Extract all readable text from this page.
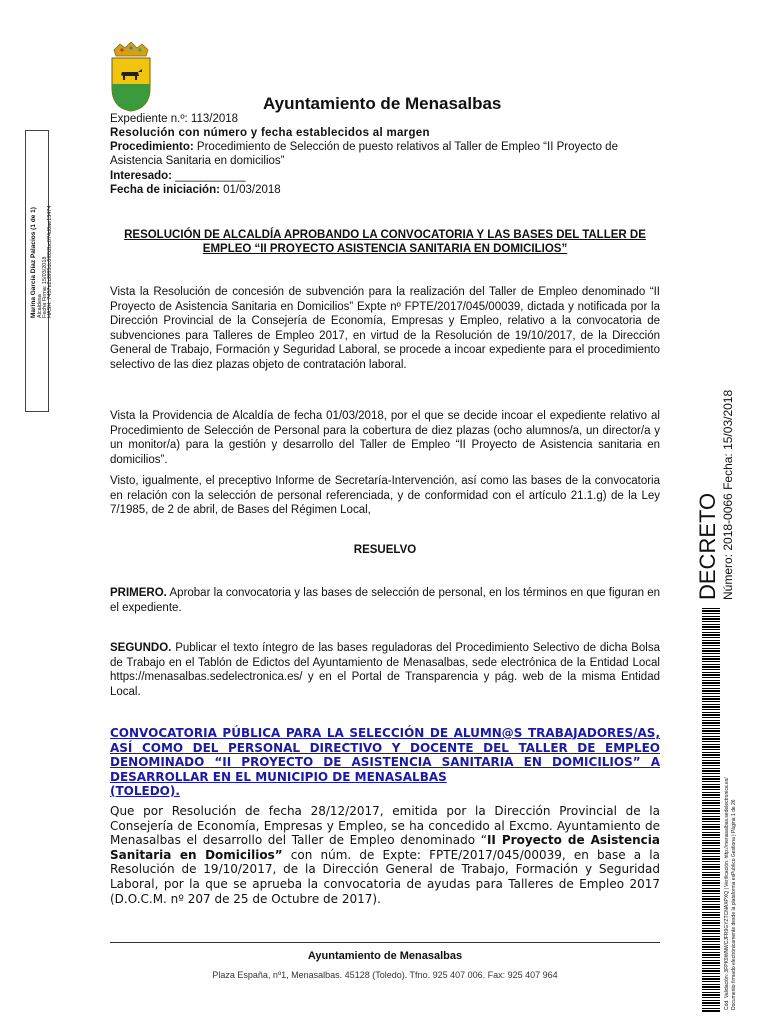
Ayuntamiento de Menasalbas
Expediente n.º: 113/2018
Resolución con número y fecha establecidos al margen
Procedimiento: Procedimiento de Selección de puesto relativos al Taller de Empleo “II Proyecto de Asistencia Sanitaria en domicilios”
Interesado: ___________
Fecha de iniciación: 01/03/2018
RESOLUCIÓN DE ALCALDÍA APROBANDO LA CONVOCATORIA Y LAS BASES DEL TALLER DE EMPLEO “II PROYECTO ASISTENCIA SANITARIA EN DOMICILIOS”
Vista la Resolución de concesión de subvención para la realización del Taller de Empleo denominado “II Proyecto de Asistencia Sanitaria en Domicilios” Expte nº FPTE/2017/045/00039, dictada y notificada por la Dirección Provincial de la Consejería de Economía, Empresas y Empleo, relativo a la convocatoria de subvenciones para Talleres de Empleo 2017, en virtud de la Resolución de 19/10/2017, de la Dirección General de Trabajo, Formación y Seguridad Laboral, se procede a incoar expediente para el procedimiento selectivo de las diez plazas objeto de contratación laboral.
Vista la Providencia de Alcaldía de fecha 01/03/2018, por el que se decide incoar el expediente relativo al Procedimiento de Selección de Personal para la cobertura de diez plazas (ocho alumnos/a, un director/a y un monitor/a) para la gestión y desarrollo del Taller de Empleo “II Proyecto de Asistencia sanitaria en domicilios”.
Visto, igualmente, el preceptivo Informe de Secretaría-Intervención, así como las bases de la convocatoria en relación con la selección de personal referenciada, y de conformidad con el artículo 21.1.g) de la Ley 7/1985, de 2 de abril, de Bases del Régimen Local,
RESUELVO
PRIMERO. Aprobar la convocatoria y las bases de selección de personal, en los términos en que figuran en el expediente.
SEGUNDO. Publicar el texto íntegro de las bases reguladoras del Procedimiento Selectivo de dicha Bolsa de Trabajo en el Tablón de Edictos del Ayuntamiento de Menasalbas, sede electrónica de la Entidad Local https://menasalbas.sedelectronica.es/ y en el Portal de Transparencia y pág. web de la misma Entidad Local.
CONVOCATORIA PÚBLICA PARA LA SELECCIÓN DE ALUMN@S TRABAJADORES/AS, ASÍ COMO DEL PERSONAL DIRECTIVO Y DOCENTE DEL TALLER DE EMPLEO DENOMINADO “II PROYECTO DE ASISTENCIA SANITARIA EN DOMICILIOS” A DESARROLLAR EN EL MUNICIPIO DE MENASALBAS
(TOLEDO).
Que por Resolución de fecha 28/12/2017, emitida por la Dirección Provincial de la Consejería de Economía, Empresas y Empleo, se ha concedido al Excmo. Ayuntamiento de Menasalbas el desarrollo del Taller de Empleo denominado “II Proyecto de Asistencia Sanitaria en Domicilios” con núm. de Expte: FPTE/2017/045/00039, en base a la Resolución de 19/10/2017, de la Dirección General de Trabajo, Formación y Seguridad Laboral, por la que se aprueba la convocatoria de ayudas para Talleres de Empleo 2017 (D.O.C.M. nº 207 de 25 de Octubre de 2017).
Ayuntamiento de Menasalbas
Plaza España, nº1, Menasalbas. 45128 (Toledo). Tfno. 925 407 006. Fax: 925 407 964
Marina García Díaz Palacios (1 de 1) Alcaldesa Fecha Firma: 15/03/2018 HASH: 7457e2d8f85dc6f852bc074d0ae13474
DECRETO Número: 2018-0066 Fecha: 15/03/2018
Cód. Validación: 3FPK9WNWCJFR9GYZTCNAXPXQ | Verificación: http://menasalbas.sedelectronica.es/ Documento firmado electrónicamente desde la plataforma esPublico Gestiona | Página 1 de 26
